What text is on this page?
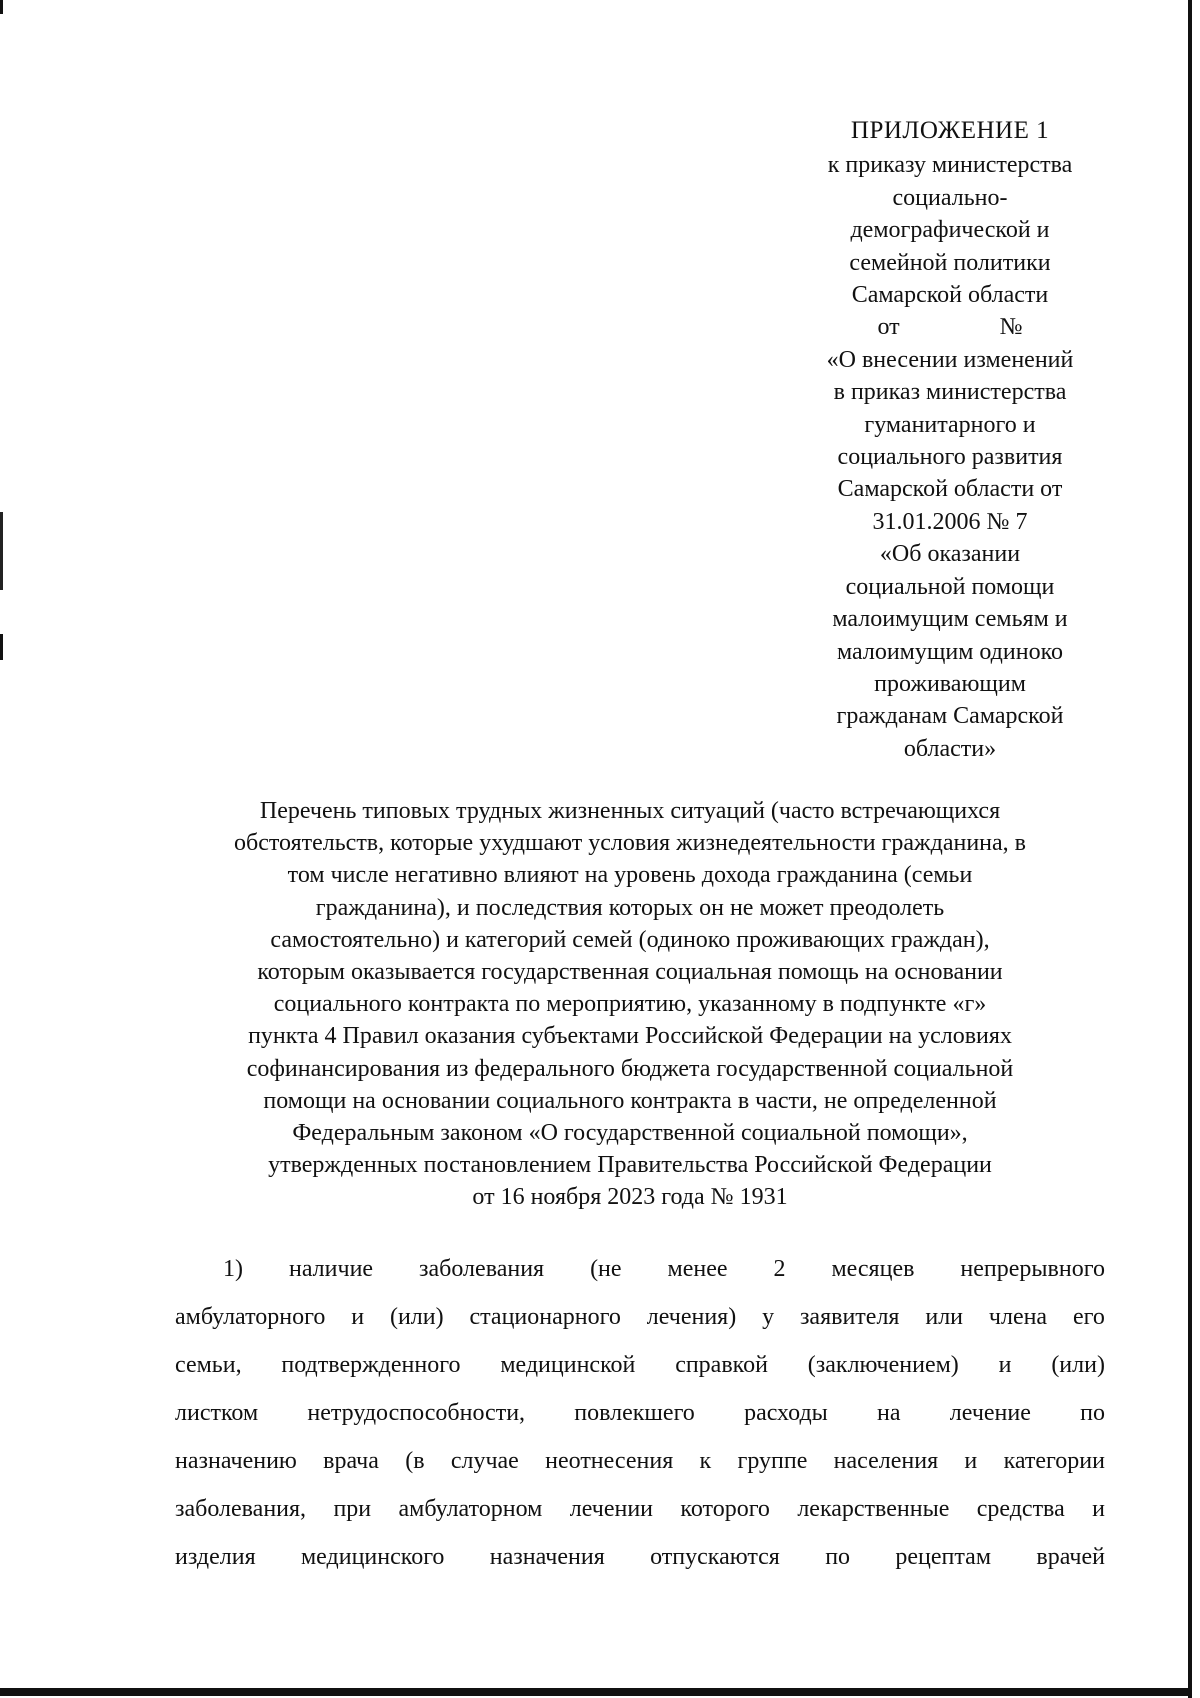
ПРИЛОЖЕНИЕ 1
к приказу министерства
социально-
демографической и
семейной политики
Самарской области
от	№
«О внесении изменений
в приказ министерства
гуманитарного и
социального развития
Самарской области от
31.01.2006 № 7
«Об оказании
социальной помощи
малоимущим семьям и
малоимущим одиноко
проживающим
гражданам Самарской
области»
Перечень типовых трудных жизненных ситуаций (часто встречающихся
обстоятельств, которые ухудшают условия жизнедеятельности гражданина, в
том числе негативно влияют на уровень дохода гражданина (семьи
гражданина), и последствия которых он не может преодолеть
самостоятельно) и категорий семей (одиноко проживающих граждан),
которым оказывается государственная социальная помощь на основании
социального контракта по мероприятию, указанному в подпункте «г»
пункта 4 Правил оказания субъектами Российской Федерации на условиях
софинансирования из федерального бюджета государственной социальной
помощи на основании социального контракта в части, не определенной
Федеральным законом «О государственной социальной помощи»,
утвержденных постановлением Правительства Российской Федерации
от 16 ноября 2023 года № 1931
1) наличие заболевания (не менее 2 месяцев непрерывного
амбулаторного и (или) стационарного лечения) у заявителя или члена его
семьи, подтвержденного медицинской справкой (заключением) и (или)
листком нетрудоспособности, повлекшего расходы на лечение по
назначению врача (в случае неотнесения к группе населения и категории
заболевания, при амбулаторном лечении которого лекарственные средства и
изделия медицинского назначения отпускаются по рецептам врачей
